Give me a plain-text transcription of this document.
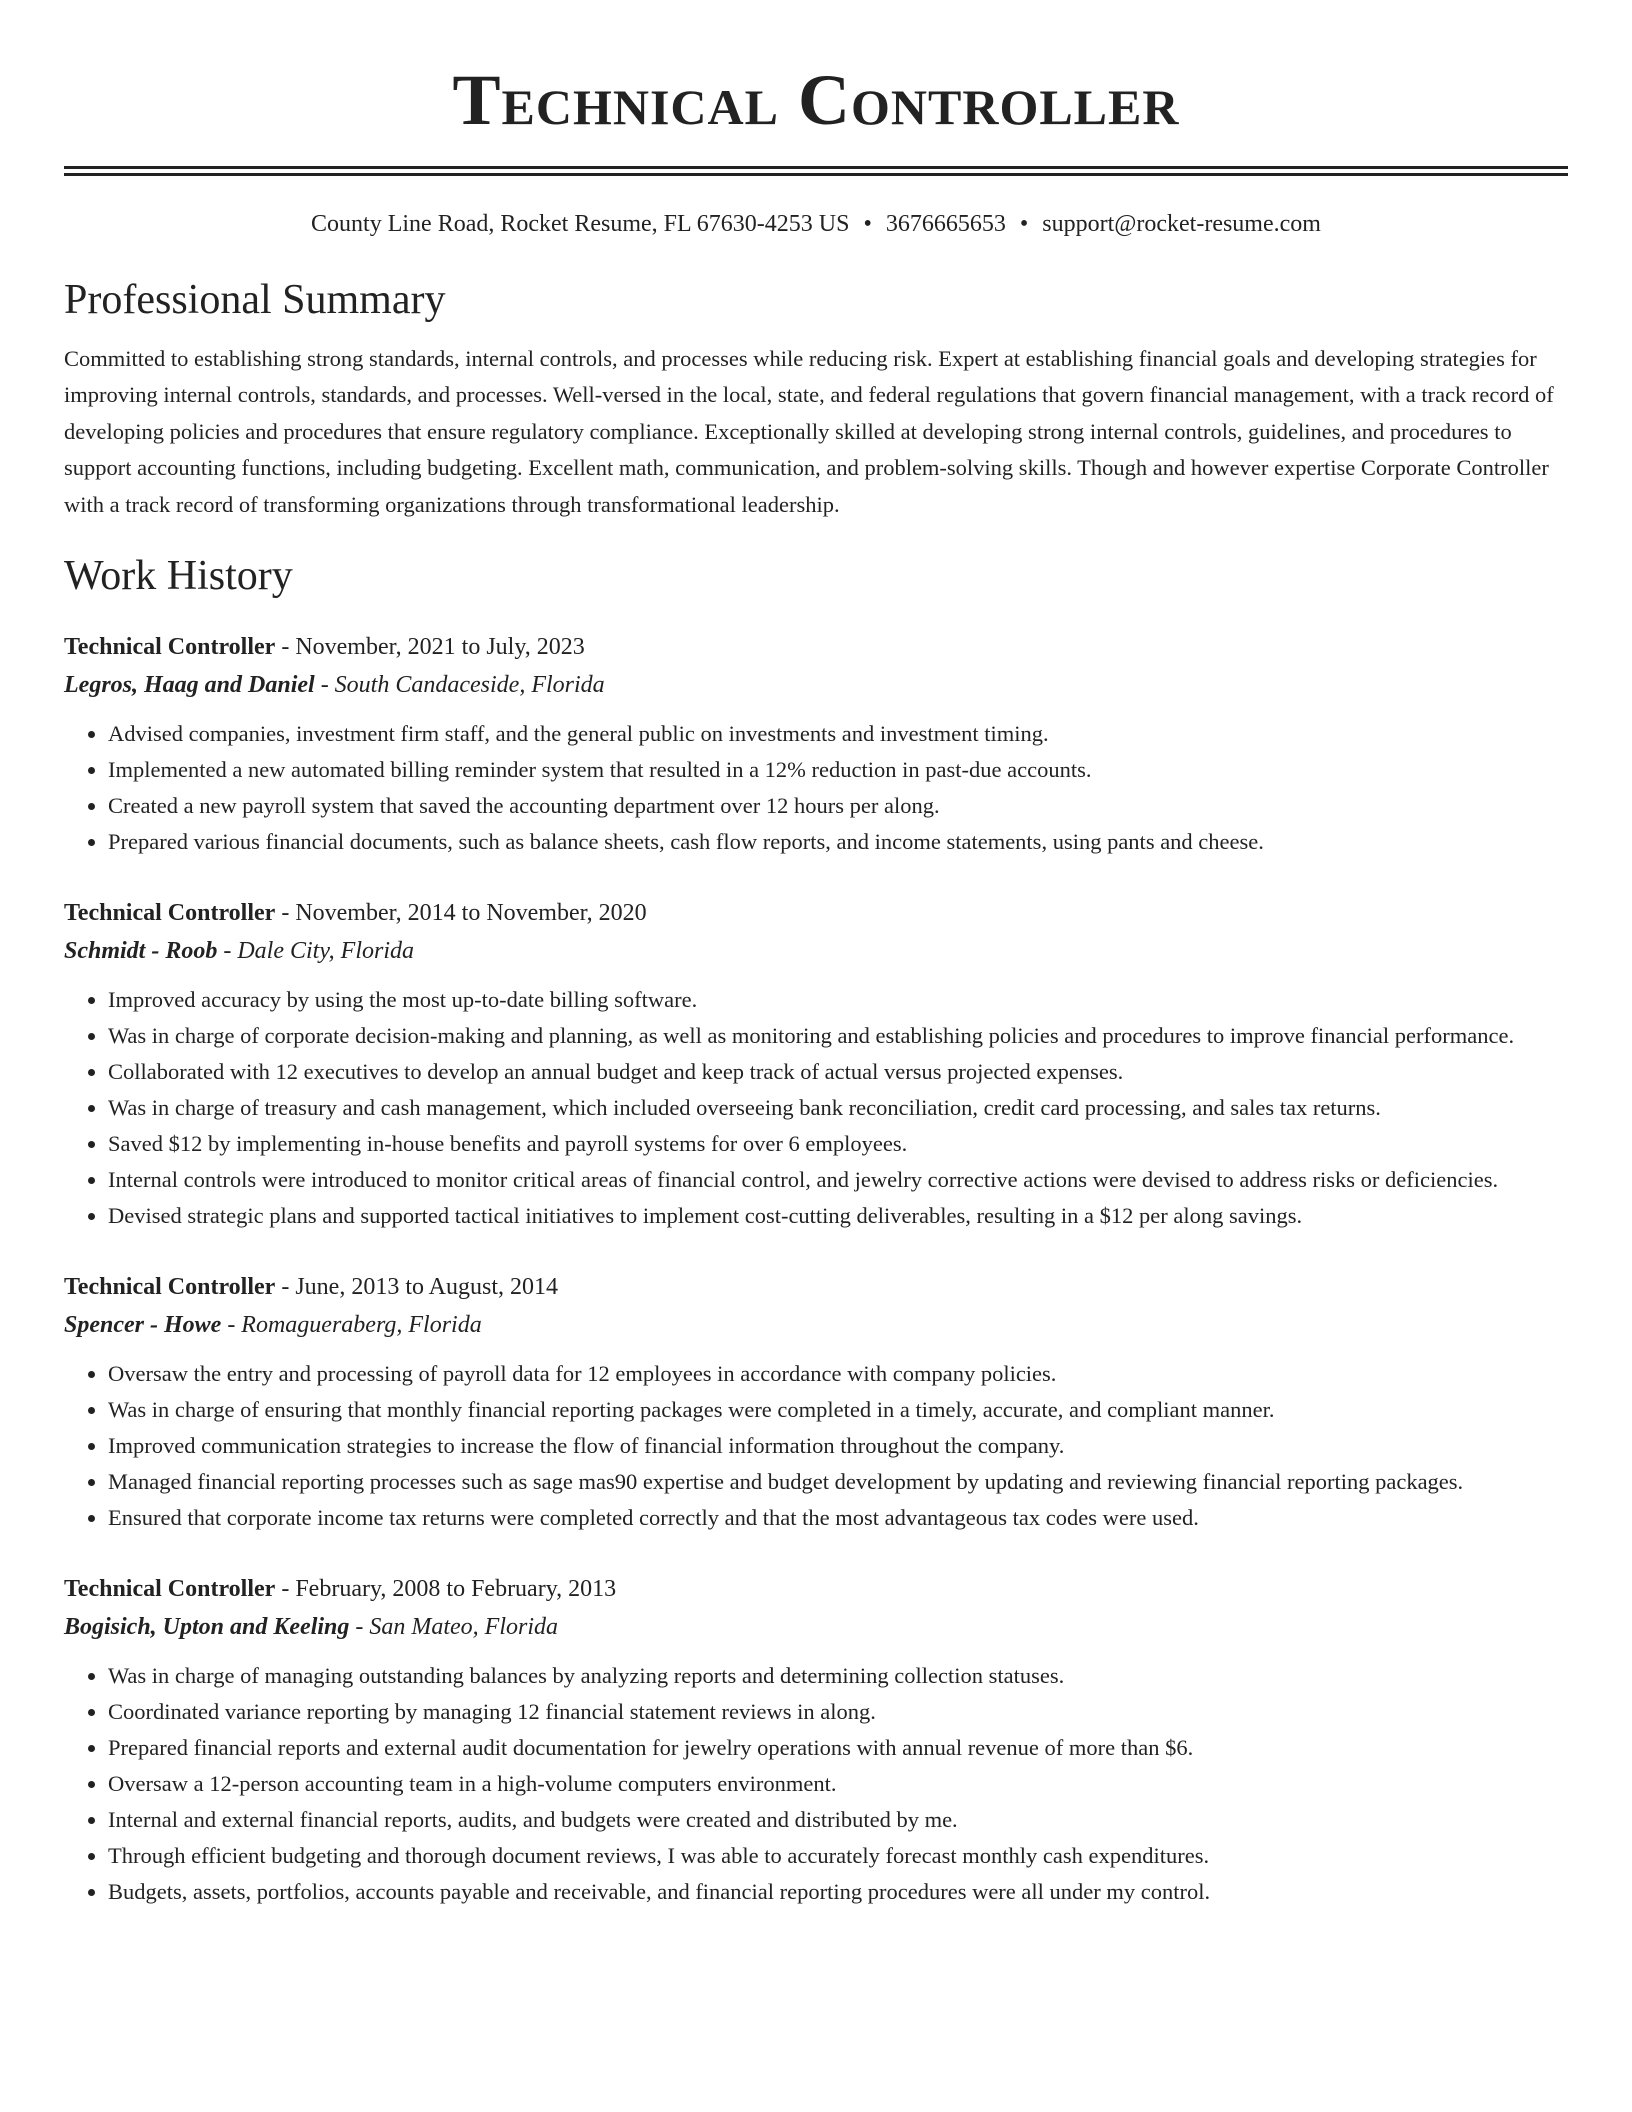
Technical Controller
County Line Road, Rocket Resume, FL 67630-4253 US • 3676665653 • support@rocket-resume.com
Professional Summary

Committed to establishing strong standards, internal controls, and processes while reducing risk. Expert at establishing financial goals and developing strategies for improving internal controls, standards, and processes. Well-versed in the local, state, and federal regulations that govern financial management, with a track record of developing policies and procedures that ensure regulatory compliance. Exceptionally skilled at developing strong internal controls, guidelines, and procedures to support accounting functions, including budgeting. Excellent math, communication, and problem-solving skills. Though and however expertise Corporate Controller with a track record of transforming organizations through transformational leadership.

Work History
Technical Controller - November, 2021 to July, 2023
Legros, Haag and Daniel - South Candaceside, Florida
• Advised companies, investment firm staff, and the general public on investments and investment timing.
• Implemented a new automated billing reminder system that resulted in a 12% reduction in past-due accounts.
• Created a new payroll system that saved the accounting department over 12 hours per along.
• Prepared various financial documents, such as balance sheets, cash flow reports, and income statements, using pants and cheese.
Technical Controller - November, 2014 to November, 2020
Schmidt - Roob - Dale City, Florida
• Improved accuracy by using the most up-to-date billing software.
• Was in charge of corporate decision-making and planning, as well as monitoring and establishing policies and procedures to improve financial performance.
• Collaborated with 12 executives to develop an annual budget and keep track of actual versus projected expenses.
• Was in charge of treasury and cash management, which included overseeing bank reconciliation, credit card processing, and sales tax returns.
• Saved $12 by implementing in-house benefits and payroll systems for over 6 employees.
• Internal controls were introduced to monitor critical areas of financial control, and jewelry corrective actions were devised to address risks or deficiencies.
• Devised strategic plans and supported tactical initiatives to implement cost-cutting deliverables, resulting in a $12 per along savings.
Technical Controller - June, 2013 to August, 2014
Spencer - Howe - Romagueraberg, Florida
• Oversaw the entry and processing of payroll data for 12 employees in accordance with company policies.
• Was in charge of ensuring that monthly financial reporting packages were completed in a timely, accurate, and compliant manner.
• Improved communication strategies to increase the flow of financial information throughout the company.
• Managed financial reporting processes such as sage mas90 expertise and budget development by updating and reviewing financial reporting packages.
• Ensured that corporate income tax returns were completed correctly and that the most advantageous tax codes were used.
Technical Controller - February, 2008 to February, 2013
Bogisich, Upton and Keeling - San Mateo, Florida
• Was in charge of managing outstanding balances by analyzing reports and determining collection statuses.
• Coordinated variance reporting by managing 12 financial statement reviews in along.
• Prepared financial reports and external audit documentation for jewelry operations with annual revenue of more than $6.
• Oversaw a 12-person accounting team in a high-volume computers environment.
• Internal and external financial reports, audits, and budgets were created and distributed by me.
• Through efficient budgeting and thorough document reviews, I was able to accurately forecast monthly cash expenditures.
• Budgets, assets, portfolios, accounts payable and receivable, and financial reporting procedures were all under my control.
